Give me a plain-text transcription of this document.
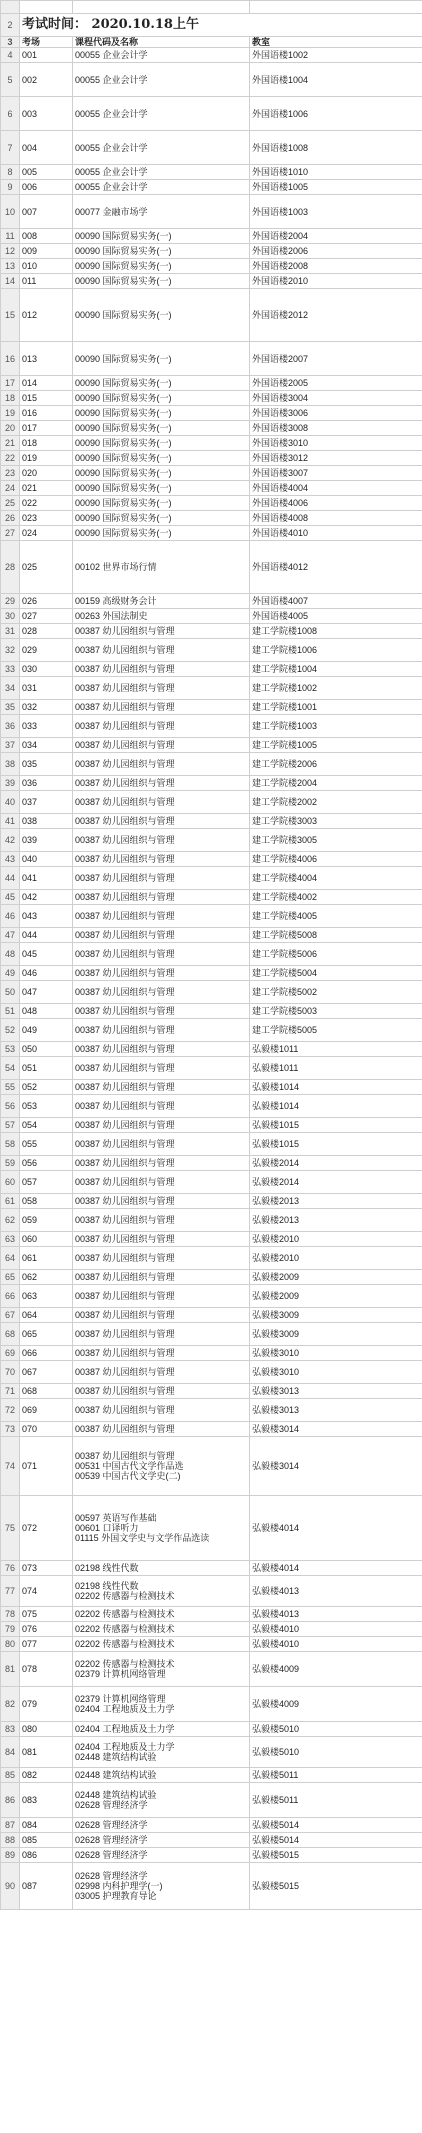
2	考试时间： 2020.10.18上午			
3	考场	课程代码及名称	教室	
4	001	00055 企业会计学	外国语楼1002	
5	002	00055 企业会计学	外国语楼1004	
6	003	00055 企业会计学	外国语楼1006	
7	004	00055 企业会计学	外国语楼1008	
8	005	00055 企业会计学	外国语楼1010	
9	006	00055 企业会计学	外国语楼1005	
10	007	00077 金融市场学	外国语楼1003	
11	008	00090 国际贸易实务(一)	外国语楼2004	
12	009	00090 国际贸易实务(一)	外国语楼2006	
13	010	00090 国际贸易实务(一)	外国语楼2008	
14	011	00090 国际贸易实务(一)	外国语楼2010	
15	012	00090 国际贸易实务(一)	外国语楼2012	
16	013	00090 国际贸易实务(一)	外国语楼2007	
17	014	00090 国际贸易实务(一)	外国语楼2005	
18	015	00090 国际贸易实务(一)	外国语楼3004	
19	016	00090 国际贸易实务(一)	外国语楼3006	
20	017	00090 国际贸易实务(一)	外国语楼3008	
21	018	00090 国际贸易实务(一)	外国语楼3010	
22	019	00090 国际贸易实务(一)	外国语楼3012	
23	020	00090 国际贸易实务(一)	外国语楼3007	
24	021	00090 国际贸易实务(一)	外国语楼4004	
25	022	00090 国际贸易实务(一)	外国语楼4006	
26	023	00090 国际贸易实务(一)	外国语楼4008	
27	024	00090 国际贸易实务(一)	外国语楼4010	
28	025	00102 世界市场行情	外国语楼4012	
29	026	00159 高级财务会计	外国语楼4007	
30	027	00263 外国法制史	外国语楼4005	
31	028	00387 幼儿园组织与管理	建工学院楼1008	
32	029	00387 幼儿园组织与管理	建工学院楼1006	
33	030	00387 幼儿园组织与管理	建工学院楼1004	
34	031	00387 幼儿园组织与管理	建工学院楼1002	
35	032	00387 幼儿园组织与管理	建工学院楼1001	
36	033	00387 幼儿园组织与管理	建工学院楼1003	
37	034	00387 幼儿园组织与管理	建工学院楼1005	
38	035	00387 幼儿园组织与管理	建工学院楼2006	
39	036	00387 幼儿园组织与管理	建工学院楼2004	
40	037	00387 幼儿园组织与管理	建工学院楼2002	
41	038	00387 幼儿园组织与管理	建工学院楼3003	
42	039	00387 幼儿园组织与管理	建工学院楼3005	
43	040	00387 幼儿园组织与管理	建工学院楼4006	
44	041	00387 幼儿园组织与管理	建工学院楼4004	
45	042	00387 幼儿园组织与管理	建工学院楼4002	
46	043	00387 幼儿园组织与管理	建工学院楼4005	
47	044	00387 幼儿园组织与管理	建工学院楼5008	
48	045	00387 幼儿园组织与管理	建工学院楼5006	
49	046	00387 幼儿园组织与管理	建工学院楼5004	
50	047	00387 幼儿园组织与管理	建工学院楼5002	
51	048	00387 幼儿园组织与管理	建工学院楼5003	
52	049	00387 幼儿园组织与管理	建工学院楼5005	
53	050	00387 幼儿园组织与管理	弘毅楼1011	
54	051	00387 幼儿园组织与管理	弘毅楼1011	
55	052	00387 幼儿园组织与管理	弘毅楼1014	
56	053	00387 幼儿园组织与管理	弘毅楼1014	
57	054	00387 幼儿园组织与管理	弘毅楼1015	
58	055	00387 幼儿园组织与管理	弘毅楼1015	
59	056	00387 幼儿园组织与管理	弘毅楼2014	
60	057	00387 幼儿园组织与管理	弘毅楼2014	
61	058	00387 幼儿园组织与管理	弘毅楼2013	
62	059	00387 幼儿园组织与管理	弘毅楼2013	
63	060	00387 幼儿园组织与管理	弘毅楼2010	
64	061	00387 幼儿园组织与管理	弘毅楼2010	
65	062	00387 幼儿园组织与管理	弘毅楼2009	
66	063	00387 幼儿园组织与管理	弘毅楼2009	
67	064	00387 幼儿园组织与管理	弘毅楼3009	
68	065	00387 幼儿园组织与管理	弘毅楼3009	
69	066	00387 幼儿园组织与管理	弘毅楼3010	
70	067	00387 幼儿园组织与管理	弘毅楼3010	
71	068	00387 幼儿园组织与管理	弘毅楼3013	
72	069	00387 幼儿园组织与管理	弘毅楼3013	
73	070	00387 幼儿园组织与管理	弘毅楼3014	
74	071	00387 幼儿园组织与管理
00531 中国古代文学作品选
00539 中国古代文学史(二)	弘毅楼3014	
75	072	00597 英语写作基础
00601 口译听力
01115 外国文学史与文学作品选读	弘毅楼4014	
76	073	02198 线性代数	弘毅楼4014	
77	074	02198 线性代数
02202 传感器与检测技术	弘毅楼4013	
78	075	02202 传感器与检测技术	弘毅楼4013	
79	076	02202 传感器与检测技术	弘毅楼4010	
80	077	02202 传感器与检测技术	弘毅楼4010	
81	078	02202 传感器与检测技术
02379 计算机网络管理	弘毅楼4009	
82	079	02379 计算机网络管理
02404 工程地质及土力学	弘毅楼4009	
83	080	02404 工程地质及土力学	弘毅楼5010	
84	081	02404 工程地质及土力学
02448 建筑结构试验	弘毅楼5010	
85	082	02448 建筑结构试验	弘毅楼5011	
86	083	02448 建筑结构试验
02628 管理经济学	弘毅楼5011	
87	084	02628 管理经济学	弘毅楼5014	
88	085	02628 管理经济学	弘毅楼5014	
89	086	02628 管理经济学	弘毅楼5015	
90	087	02628 管理经济学
02998 内科护理学(一)
03005 护理教育导论	弘毅楼5015	
